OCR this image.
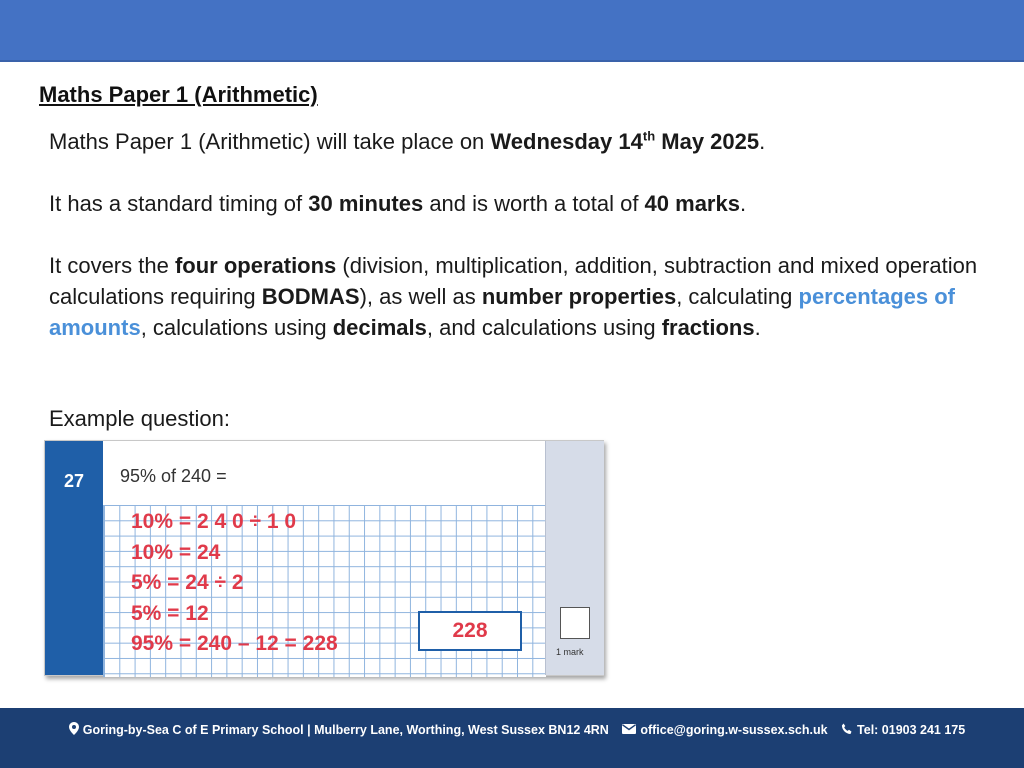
Maths Paper 1 (Arithmetic)
Maths Paper 1 (Arithmetic) will take place on Wednesday 14th May 2025.
It has a standard timing of 30 minutes and is worth a total of 40 marks.
It covers the four operations (division, multiplication, addition, subtraction and mixed operation calculations requiring BODMAS), as well as number properties, calculating percentages of amounts, calculations using decimals, and calculations using fractions.
Example question:
27	95% of 240 =
10% = 2 4 0 ÷ 1 0
10% = 24
5% = 24 ÷ 2
5% = 12
95% = 240 – 12 = 228
228
1 mark
Goring-by-Sea C of E Primary School | Mulberry Lane, Worthing, West Sussex BN12 4RN	office@goring.w-sussex.sch.uk Tel: 01903 241 175
